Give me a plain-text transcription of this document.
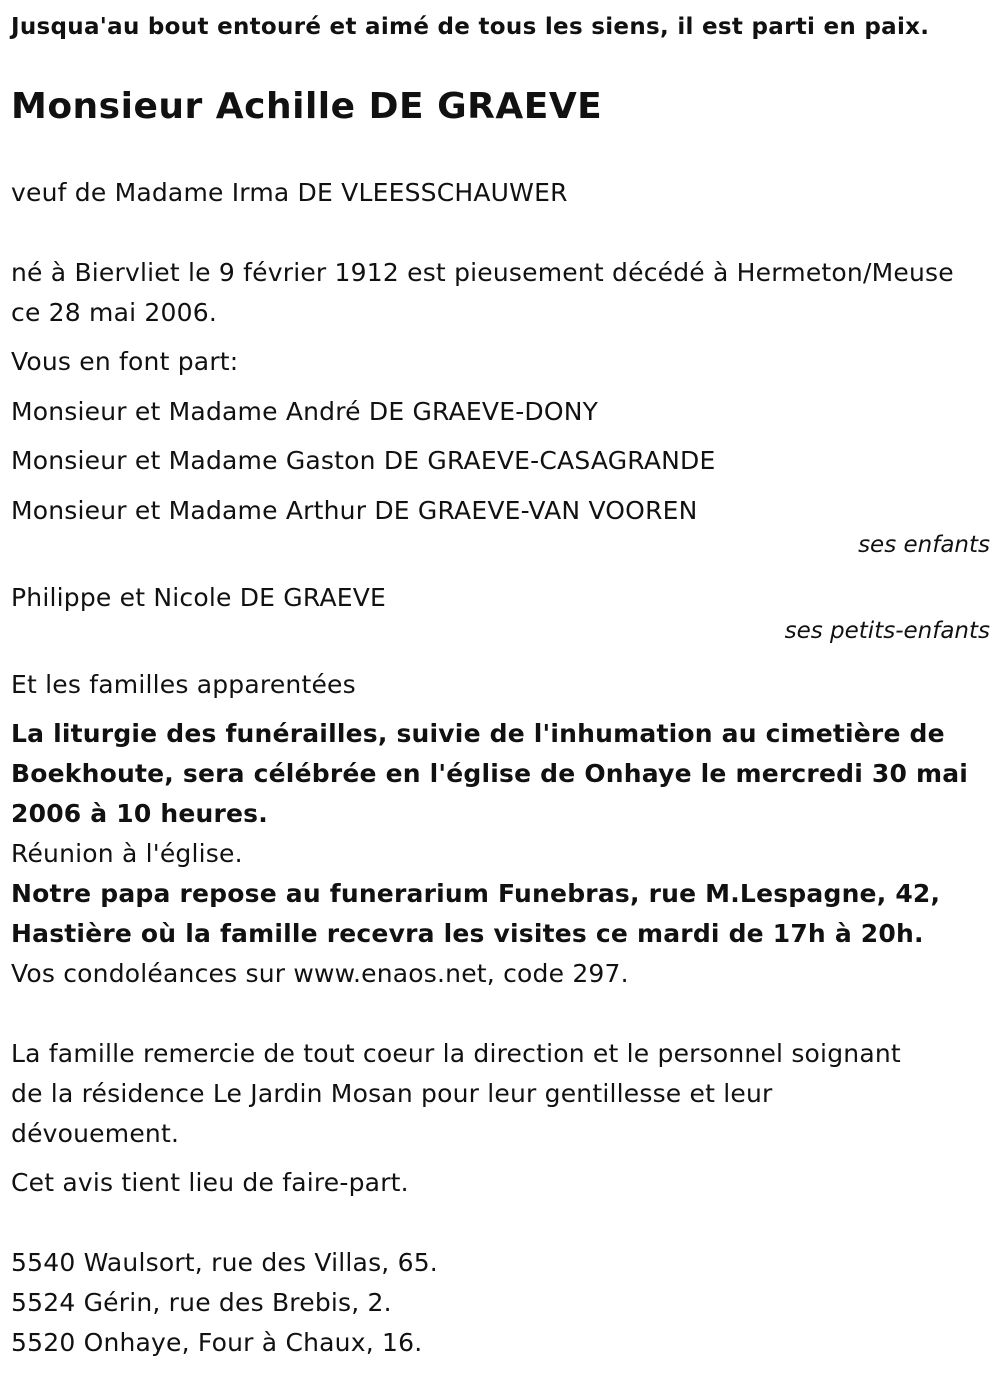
Jusqua'au bout entouré et aimé de tous les siens, il est parti en paix.
Monsieur Achille DE GRAEVE
veuf de Madame Irma DE VLEESSCHAUWER
né à Biervliet le 9 février 1912 est pieusement décédé à Hermeton/Meuse
ce 28 mai 2006.
Vous en font part:
Monsieur et Madame André DE GRAEVE-DONY
Monsieur et Madame Gaston DE GRAEVE-CASAGRANDE
Monsieur et Madame Arthur DE GRAEVE-VAN VOOREN
ses enfants
Philippe et Nicole DE GRAEVE
ses petits-enfants
Et les familles apparentées
La liturgie des funérailles, suivie de l'inhumation au cimetière de
Boekhoute, sera célébrée en l'église de Onhaye le mercredi 30 mai
2006 à 10 heures.
Réunion à l'église.
Notre papa repose au funerarium Funebras, rue M.Lespagne, 42,
Hastière où la famille recevra les visites ce mardi de 17h à 20h.
Vos condoléances sur www.enaos.net, code 297.
La famille remercie de tout coeur la direction et le personnel soignant
de la résidence Le Jardin Mosan pour leur gentillesse et leur
dévouement.
Cet avis tient lieu de faire-part.
5540 Waulsort, rue des Villas, 65.
5524 Gérin, rue des Brebis, 2.
5520 Onhaye, Four à Chaux, 16.
